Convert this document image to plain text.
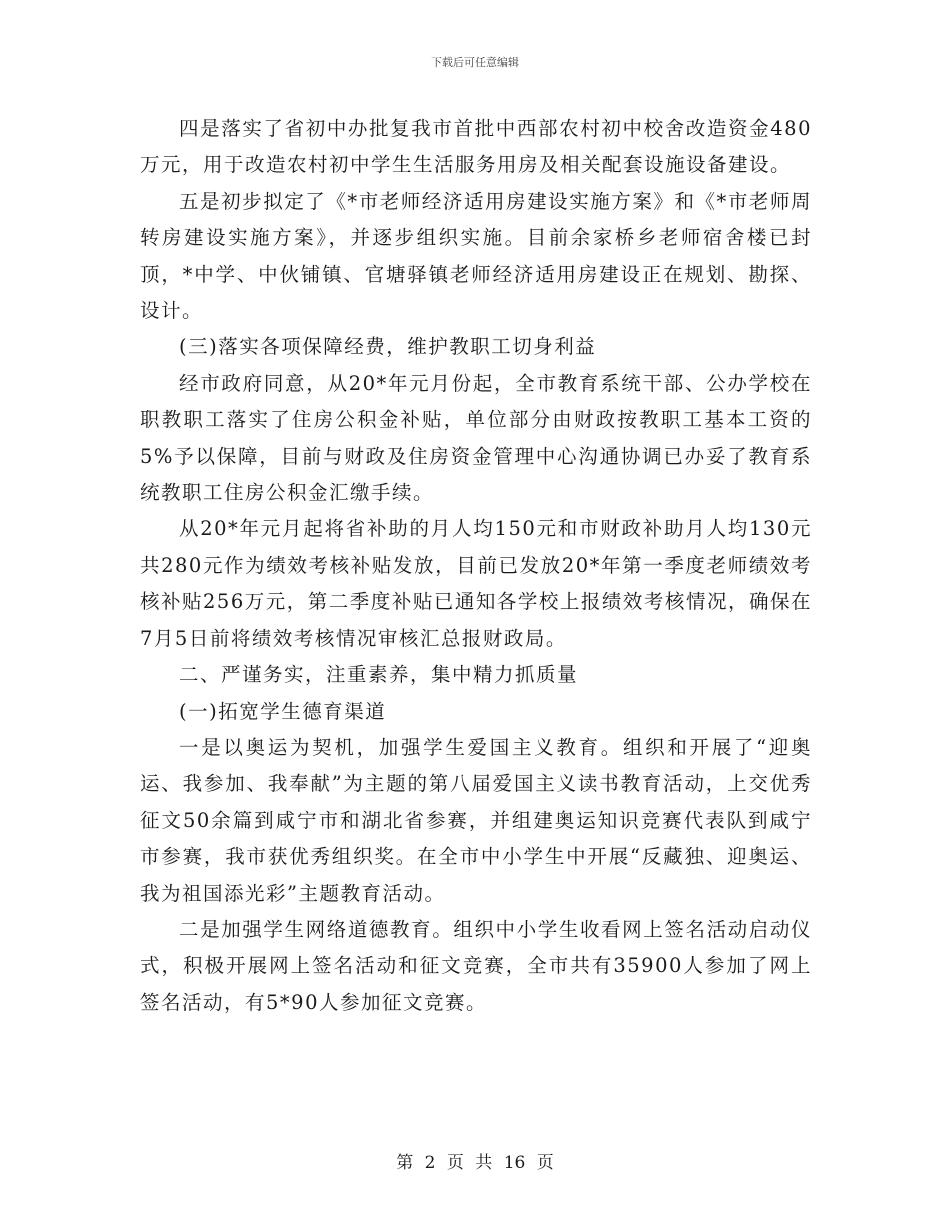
下载后可任意编辑

四是落实了省初中办批复我市首批中西部农村初中校舍改造资金480万元，用于改造农村初中学生生活服务用房及相关配套设施设备建设。

五是初步拟定了《*市老师经济适用房建设实施方案》和《*市老师周转房建设实施方案》，并逐步组织实施。目前余家桥乡老师宿舍楼已封顶，*中学、中伙铺镇、官塘驿镇老师经济适用房建设正在规划、勘探、设计。

(三)落实各项保障经费，维护教职工切身利益

经市政府同意，从20*年元月份起，全市教育系统干部、公办学校在职教职工落实了住房公积金补贴，单位部分由财政按教职工基本工资的5%予以保障，目前与财政及住房资金管理中心沟通协调已办妥了教育系统教职工住房公积金汇缴手续。

从20*年元月起将省补助的月人均150元和市财政补助月人均130元共280元作为绩效考核补贴发放，目前已发放20*年第一季度老师绩效考核补贴256万元，第二季度补贴已通知各学校上报绩效考核情况，确保在7月5日前将绩效考核情况审核汇总报财政局。

二、严谨务实，注重素养，集中精力抓质量

(一)拓宽学生德育渠道

一是以奥运为契机，加强学生爱国主义教育。组织和开展了“迎奥运、我参加、我奉献”为主题的第八届爱国主义读书教育活动，上交优秀征文50余篇到咸宁市和湖北省参赛，并组建奥运知识竞赛代表队到咸宁市参赛，我市获优秀组织奖。在全市中小学生中开展“反藏独、迎奥运、我为祖国添光彩”主题教育活动。

二是加强学生网络道德教育。组织中小学生收看网上签名活动启动仪式，积极开展网上签名活动和征文竞赛，全市共有35900人参加了网上签名活动，有5*90人参加征文竞赛。

第 2 页 共 16 页
